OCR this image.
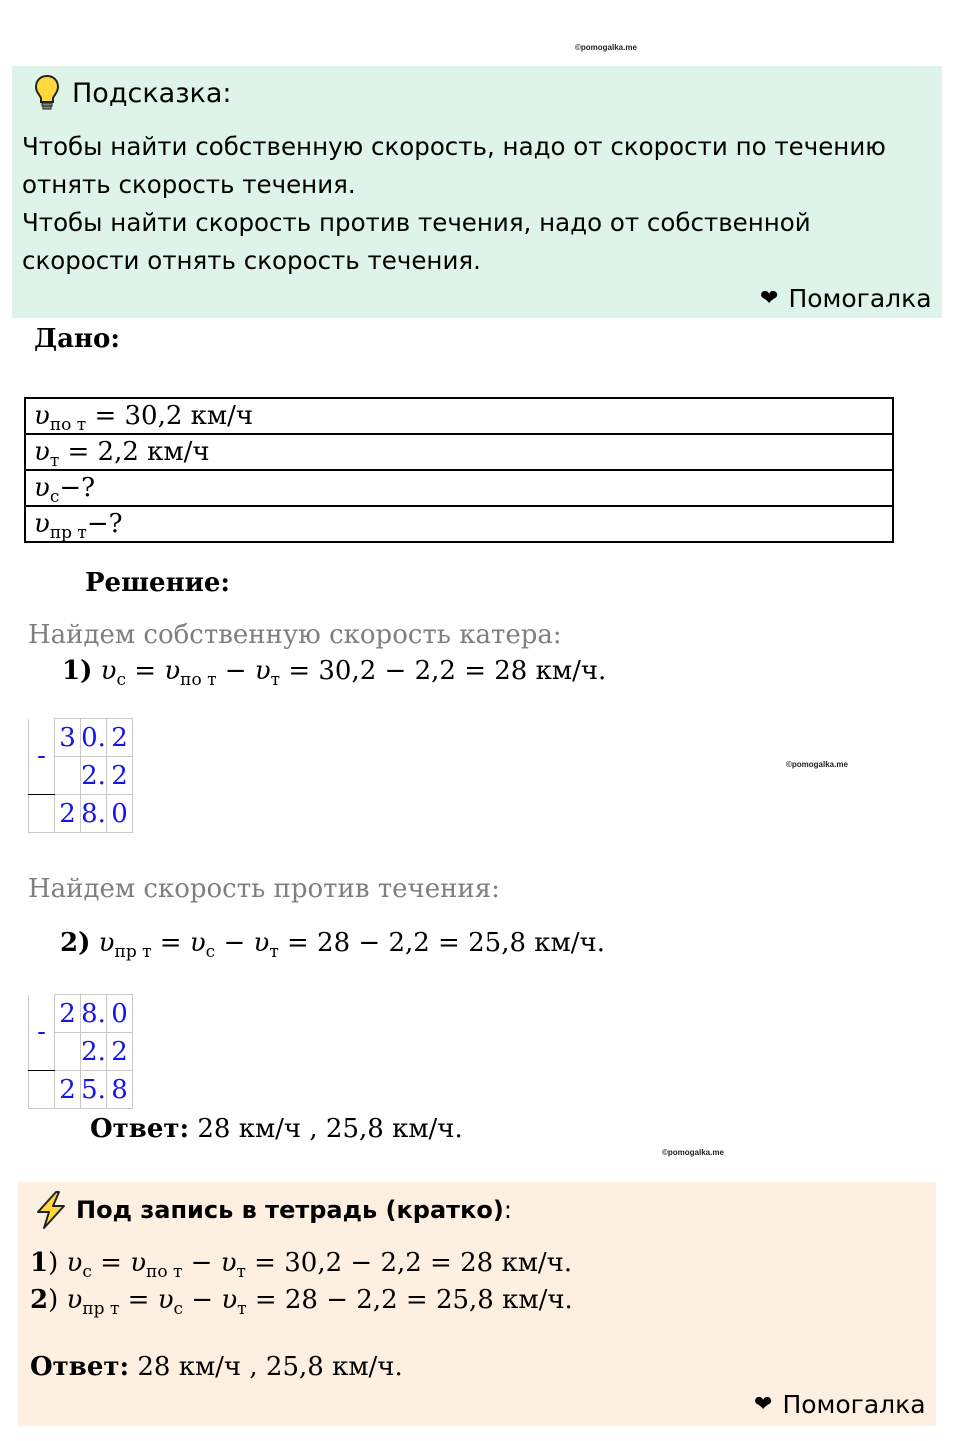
©pomogalka.me
Подсказка:
Чтобы найти собственную скорость, надо от скорости по течению
отнять скорость течения.
Чтобы найти скорость против течения, надо от собственной
скорости отнять скорость течения.
❤ Помогалка
Дано:
$\upsilon_{по т} = 30,2$ км/ч
$\upsilon_т = 2,2$ км/ч
$\upsilon_с-$?
$\upsilon_{пр т}-$?
Решение:
Найдем собственную скорость катера:
1) $\upsilon_с = \upsilon_{по т} - \upsilon_т = 30,2 - 2,2 = 28$ км/ч.
-	3	0.	2
		2.	2
	2	8.	0
©pomogalka.me
Найдем скорость против течения:
2) $\upsilon_{пр т} = \upsilon_с - \upsilon_т = 28 - 2,2 = 25,8$ км/ч.
-	2	8.	0
		2.	2
	2	5.	8
Ответ: 28 км/ч , 25,8 км/ч.
©pomogalka.me
Под запись в тетрадь (кратко) :
1) $\upsilon_с = \upsilon_{по т} - \upsilon_т = 30,2 - 2,2 = 28$ км/ч.
2) $\upsilon_{пр т} = \upsilon_с - \upsilon_т = 28 - 2,2 = 25,8$ км/ч.
Ответ: 28 км/ч , 25,8 км/ч.
❤ Помогалка
